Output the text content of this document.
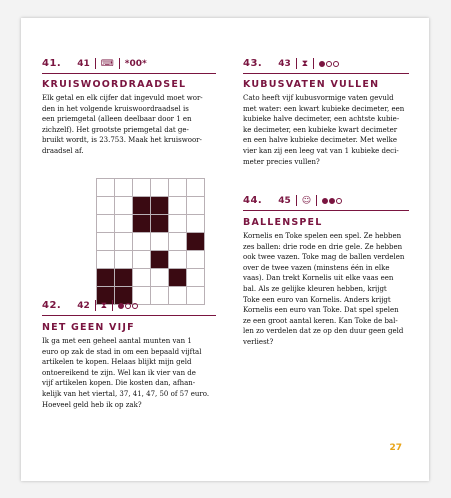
41. 41 ⌨ *00*
KRUISWOORDRAADSEL
Elk getal en elk cijfer dat ingevuld moet wor-
den in het volgende kruiswoordraadsel is
een priemgetal (alleen deelbaar door 1 en
zichzelf). Het grootste priemgetal dat ge-
bruikt wordt, is 23.753. Maak het kruiswoor-
draadsel af.
42. 42 ⧗
NET GEEN VIJF
Ik ga met een geheel aantal munten van 1
euro op zak de stad in om een bepaald vijftal
artikelen te kopen. Helaas blijkt mijn geld
ontoereikend te zijn. Wel kan ik vier van de
vijf artikelen kopen. Die kosten dan, afhan-
kelijk van het viertal, 37, 41, 47, 50 of 57 euro.
Hoeveel geld heb ik op zak?
43. 43 ⧗
KUBUSVATEN VULLEN
Cato heeft vijf kubusvormige vaten gevuld
met water: een kwart kubieke decimeter, een
kubieke halve decimeter, een achtste kubie-
ke decimeter, een kubieke kwart decimeter
en een halve kubieke decimeter. Met welke
vier kan zij een leeg vat van 1 kubieke deci-
meter precies vullen?
44. 45 ☺
BALLENSPEL
Kornelis en Toke spelen een spel. Ze hebben
zes ballen: drie rode en drie gele. Ze hebben
ook twee vazen. Toke mag de ballen verdelen
over de twee vazen (minstens één in elke
vaas). Dan trekt Kornelis uit elke vaas een
bal. Als ze gelijke kleuren hebben, krijgt
Toke een euro van Kornelis. Anders krijgt
Kornelis een euro van Toke. Dat spel spelen
ze een groot aantal keren. Kan Toke de bal-
len zo verdelen dat ze op den duur geen geld
verliest?
27
